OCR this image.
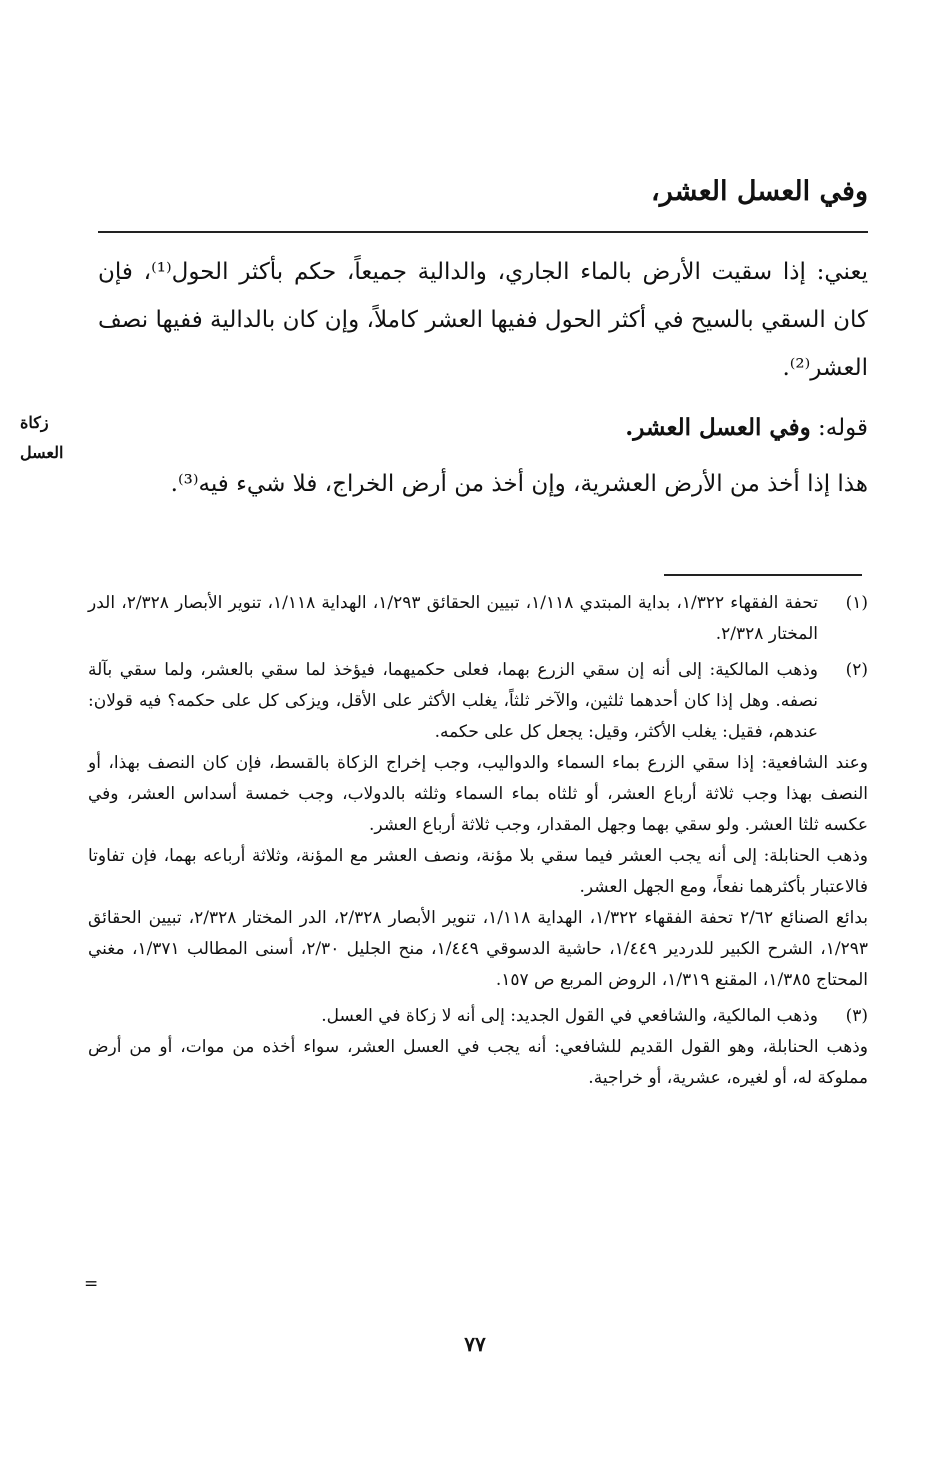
وفي العسل العشر،

يعني: إذا سقيت الأرض بالماء الجاري، والدالية جميعاً، حكم بأكثر الحول⁽¹⁾، فإن كان السقي بالسيح في أكثر الحول ففيها العشر كاملاً، وإن كان بالدالية ففيها نصف العشر⁽²⁾.

قوله: وفي العسل العشر.

هذا إذا أخذ من الأرض العشرية، وإن أخذ من أرض الخراج، فلا شيء فيه⁽³⁾.

زكاة
العسل
(١)
تحفة الفقهاء ١/٣٢٢، بداية المبتدي ١/١١٨، تبيين الحقائق ١/٢٩٣، الهداية ١/١١٨، تنوير الأبصار ٢/٣٢٨، الدر المختار ٢/٣٢٨.
(٢)
وذهب المالكية: إلى أنه إن سقي الزرع بهما، فعلى حكميهما، فيؤخذ لما سقي بالعشر، ولما سقي بآلة نصفه. وهل إذا كان أحدهما ثلثين، والآخر ثلثاً، يغلب الأكثر على الأقل، ويزكى كل على حكمه؟ فيه قولان: عندهم، فقيل: يغلب الأكثر، وقيل: يجعل كل على حكمه.
وعند الشافعية: إذا سقي الزرع بماء السماء والدواليب، وجب إخراج الزكاة بالقسط، فإن كان النصف بهذا، أو النصف بهذا وجب ثلاثة أرباع العشر، أو ثلثاه بماء السماء وثلثه بالدولاب، وجب خمسة أسداس العشر، وفي عكسه ثلثا العشر. ولو سقي بهما وجهل المقدار، وجب ثلاثة أرباع العشر.
وذهب الحنابلة: إلى أنه يجب العشر فيما سقي بلا مؤنة، ونصف العشر مع المؤنة، وثلاثة أرباعه بهما، فإن تفاوتا فالاعتبار بأكثرهما نفعاً، ومع الجهل العشر.
بدائع الصنائع ٢/٦٢ تحفة الفقهاء ١/٣٢٢، الهداية ١/١١٨، تنوير الأبصار ٢/٣٢٨، الدر المختار ٢/٣٢٨، تبيين الحقائق ١/٢٩٣، الشرح الكبير للدردير ١/٤٤٩، حاشية الدسوقي ١/٤٤٩، منح الجليل ٢/٣٠، أسنى المطالب ١/٣٧١، مغني المحتاج ١/٣٨٥، المقنع ١/٣١٩، الروض المربع ص ١٥٧.
(٣)
وذهب المالكية، والشافعي في القول الجديد: إلى أنه لا زكاة في العسل.
وذهب الحنابلة، وهو القول القديم للشافعي: أنه يجب في العسل العشر، سواء أخذه من موات، أو من أرض مملوكة له، أو لغيره، عشرية، أو خراجية.
=
٧٧
